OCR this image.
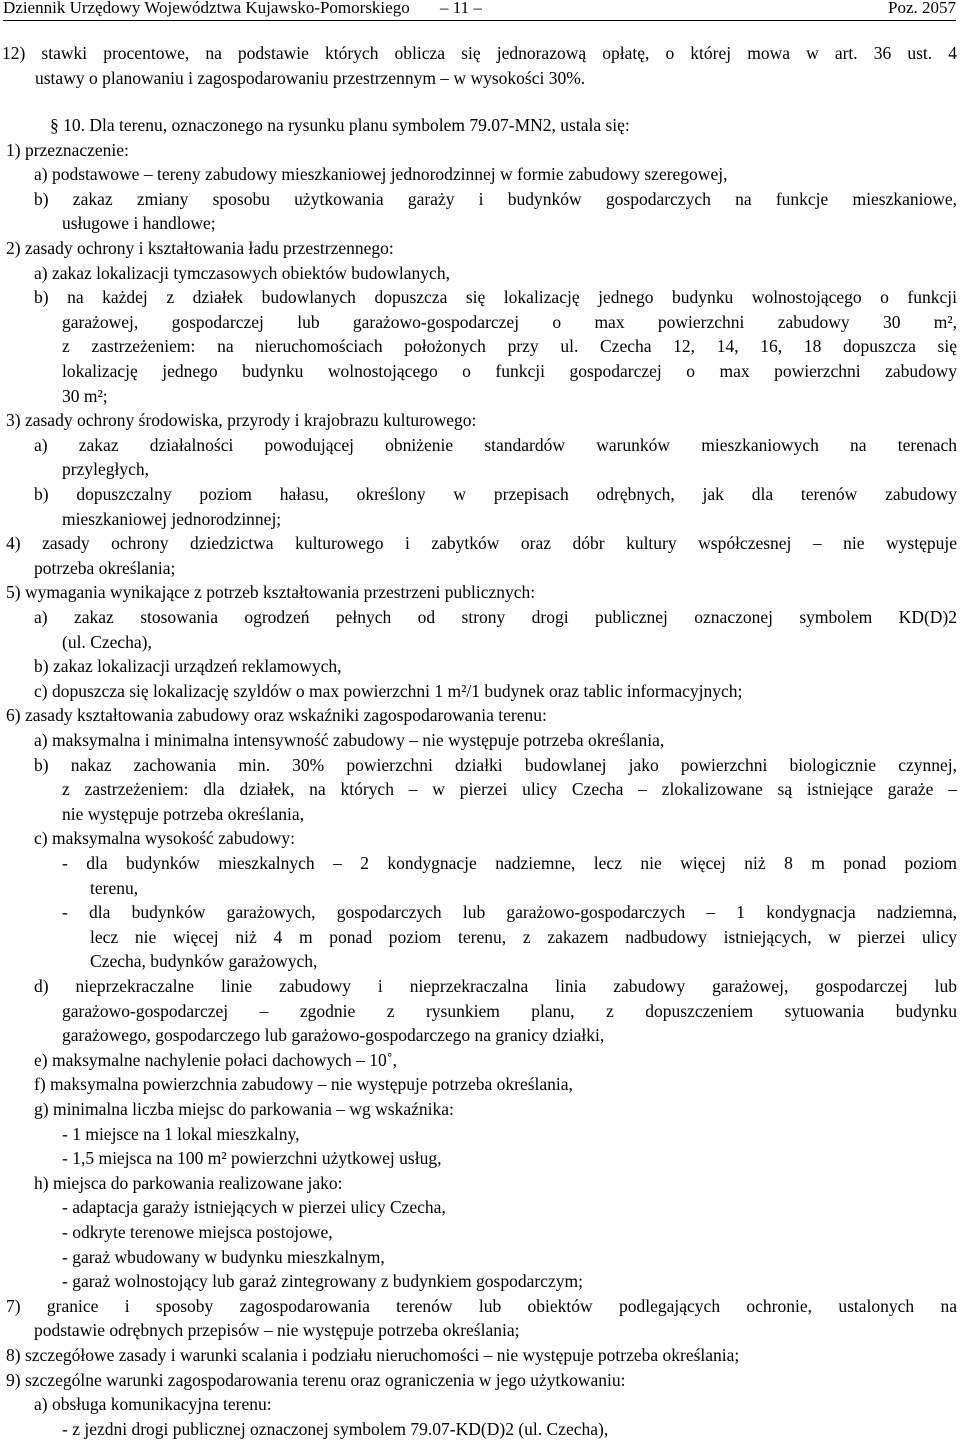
Dziennik Urzędowy Województwa Kujawsko-Pomorskiego – 11 –	Poz. 2057
12) stawki procentowe, na podstawie których oblicza się jednorazową opłatę, o której mowa w art. 36 ust. 4
ustawy o planowaniu i zagospodarowaniu przestrzennym – w wysokości 30%.
§ 10. Dla terenu, oznaczonego na rysunku planu symbolem 79.07-MN2, ustala się:
1) przeznaczenie:
a) podstawowe – tereny zabudowy mieszkaniowej jednorodzinnej w formie zabudowy szeregowej,
b) zakaz zmiany sposobu użytkowania garaży i budynków gospodarczych na funkcje mieszkaniowe,
usługowe i handlowe;
2) zasady ochrony i kształtowania ładu przestrzennego:
a) zakaz lokalizacji tymczasowych obiektów budowlanych,
b) na każdej z działek budowlanych dopuszcza się lokalizację jednego budynku wolnostojącego o funkcji
garażowej, gospodarczej lub garażowo-gospodarczej o max powierzchni zabudowy 30 m²,
z zastrzeżeniem: na nieruchomościach położonych przy ul. Czecha 12, 14, 16, 18 dopuszcza się
lokalizację jednego budynku wolnostojącego o funkcji gospodarczej o max powierzchni zabudowy
30 m²;
3) zasady ochrony środowiska, przyrody i krajobrazu kulturowego:
a) zakaz działalności powodującej obniżenie standardów warunków mieszkaniowych na terenach
przyległych,
b) dopuszczalny poziom hałasu, określony w przepisach odrębnych, jak dla terenów zabudowy
mieszkaniowej jednorodzinnej;
4) zasady ochrony dziedzictwa kulturowego i zabytków oraz dóbr kultury współczesnej – nie występuje
potrzeba określania;
5) wymagania wynikające z potrzeb kształtowania przestrzeni publicznych:
a) zakaz stosowania ogrodzeń pełnych od strony drogi publicznej oznaczonej symbolem KD(D)2
(ul. Czecha),
b) zakaz lokalizacji urządzeń reklamowych,
c) dopuszcza się lokalizację szyldów o max powierzchni 1 m²/1 budynek oraz tablic informacyjnych;
6) zasady kształtowania zabudowy oraz wskaźniki zagospodarowania terenu:
a) maksymalna i minimalna intensywność zabudowy – nie występuje potrzeba określania,
b) nakaz zachowania min. 30% powierzchni działki budowlanej jako powierzchni biologicznie czynnej,
z zastrzeżeniem: dla działek, na których – w pierzei ulicy Czecha – zlokalizowane są istniejące garaże –
nie występuje potrzeba określania,
c) maksymalna wysokość zabudowy:
- dla budynków mieszkalnych – 2 kondygnacje nadziemne, lecz nie więcej niż 8 m ponad poziom
terenu,
- dla budynków garażowych, gospodarczych lub garażowo-gospodarczych – 1 kondygnacja nadziemna,
lecz nie więcej niż 4 m ponad poziom terenu, z zakazem nadbudowy istniejących, w pierzei ulicy
Czecha, budynków garażowych,
d) nieprzekraczalne linie zabudowy i nieprzekraczalna linia zabudowy garażowej, gospodarczej lub
garażowo-gospodarczej – zgodnie z rysunkiem planu, z dopuszczeniem sytuowania budynku
garażowego, gospodarczego lub garażowo-gospodarczego na granicy działki,
e) maksymalne nachylenie połaci dachowych – 10˚,
f) maksymalna powierzchnia zabudowy – nie występuje potrzeba określania,
g) minimalna liczba miejsc do parkowania – wg wskaźnika:
- 1 miejsce na 1 lokal mieszkalny,
- 1,5 miejsca na 100 m² powierzchni użytkowej usług,
h) miejsca do parkowania realizowane jako:
- adaptacja garaży istniejących w pierzei ulicy Czecha,
- odkryte terenowe miejsca postojowe,
- garaż wbudowany w budynku mieszkalnym,
- garaż wolnostojący lub garaż zintegrowany z budynkiem gospodarczym;
7) granice i sposoby zagospodarowania terenów lub obiektów podlegających ochronie, ustalonych na
podstawie odrębnych przepisów – nie występuje potrzeba określania;
8) szczegółowe zasady i warunki scalania i podziału nieruchomości – nie występuje potrzeba określania;
9) szczególne warunki zagospodarowania terenu oraz ograniczenia w jego użytkowaniu:
a) obsługa komunikacyjna terenu:
- z jezdni drogi publicznej oznaczonej symbolem 79.07-KD(D)2 (ul. Czecha),
